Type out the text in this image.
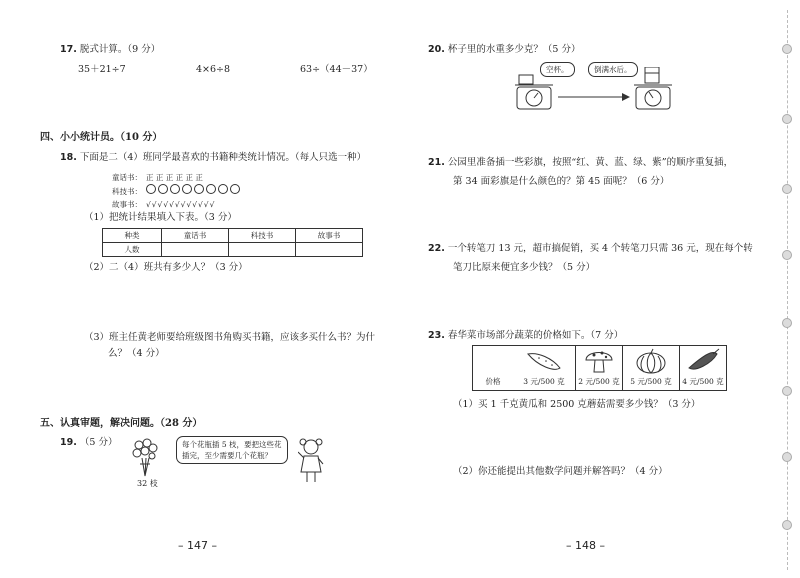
17. 脱式计算。（9 分）
35＋21÷7	4×6÷8	63÷（44－37）
四、小小统计员。（10 分）
18. 下面是二（4）班同学最喜欢的书籍种类统计情况。（每人只选一种）
童话书： 正 正 正 正 正 正
科技书：
故事书： √√√√√√√√√√√√
（1）把统计结果填入下表。（3 分）
种类	童话书	科技书	故事书
人数			
（2）二（4）班共有多少人？（3 分）
（3）班主任黄老师要给班级图书角购买书籍，应该多买什么书？为什
么？（4 分）
五、认真审题，解决问题。（28 分）
19. （5 分）
32 枝
每个花瓶插 5 枝，要把这些花
插完，至少需要几个花瓶？
– 147 –
20. 杯子里的水重多少克？（5 分）
空杯。	倒满水后。
21. 公园里准备插一些彩旗，按照“红、黄、蓝、绿、紫”的顺序重复插，
第 34 面彩旗是什么颜色的？第 45 面呢？（6 分）
22. 一个转笔刀 13 元，超市搞促销，买 4 个转笔刀只需 36 元，现在每个转
笔刀比原来便宜多少钱？（5 分）
23. 春华菜市场部分蔬菜的价格如下。（7 分）
价格	3 元/500 克	2 元/500 克	5 元/500 克	4 元/500 克
（1）买 1 千克黄瓜和 2500 克蘑菇需要多少钱？（3 分）
（2）你还能提出其他数学问题并解答吗？（4 分）
– 148 –
